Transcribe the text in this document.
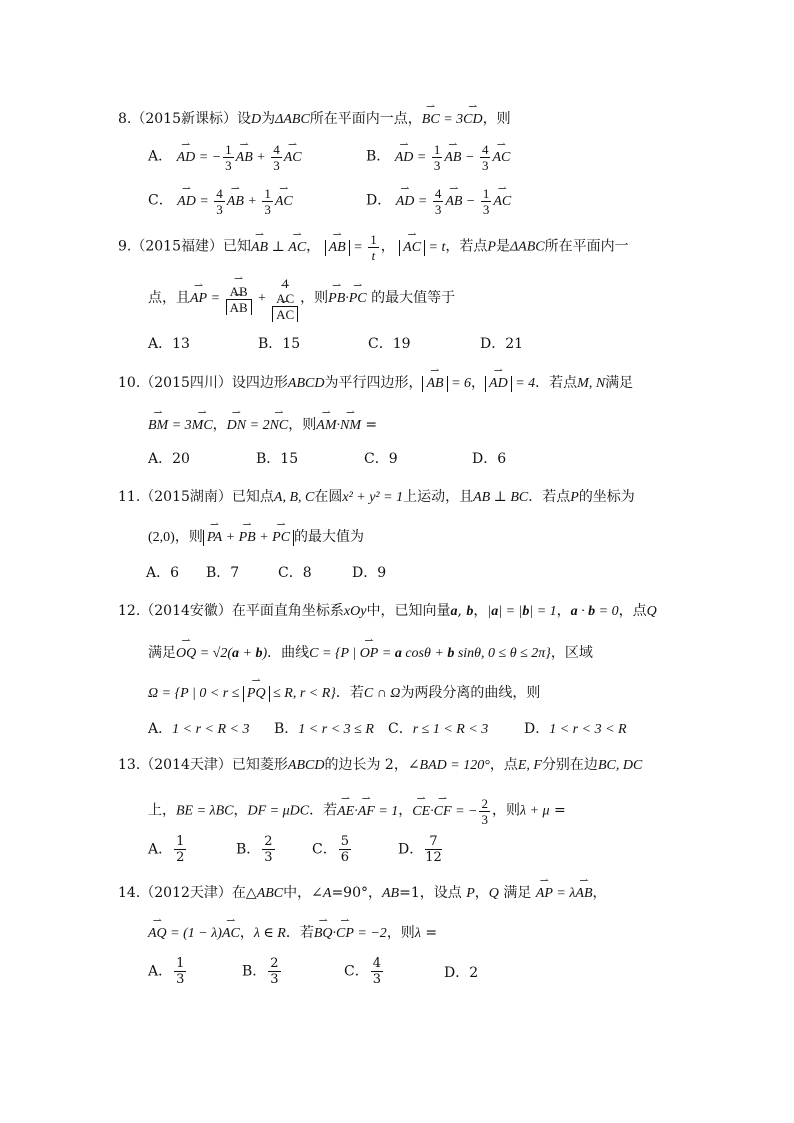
8.（2015新课标）设D为ΔABC所在平面内一点，⇀ BC = 3⇀ CD，则
A． ⇀ AD = − $\frac{1}{3}$ ⇀ AB + $\frac{4}{3}$ ⇀ AC	B． ⇀ AD = $\frac{1}{3}$ ⇀ AB − $\frac{4}{3}$ ⇀ AC
C． ⇀ AD = $\frac{4}{3}$ ⇀ AB + $\frac{1}{3}$ ⇀ AC	D． ⇀ AD = $\frac{4}{3}$ ⇀ AB − $\frac{1}{3}$ ⇀ AC
9.（2015福建）已知⇀ AB ⊥ ⇀ AC， ⇀ AB = $\frac{1}{t}$ ， ⇀ AC = t，若点P是ΔABC所在平面内一
点，且⇀ AP = ⇀ AB
⇀ AB + 4
⇀ AC
⇀ AC ，则⇀ PB·⇀ PC 的最大值等于
A．13	B．15	C．19	D．21
10.（2015四川）设四边形ABCD为平行四边形， ⇀ AB = 6， ⇀ AD = 4．若点M, N满足
⇀ BM = 3⇀ MC，⇀ DN = 2⇀ NC，则⇀ AM·⇀ NM =
A．20	B．15	C．9	D．6
11.（2015湖南）已知点A, B, C在圆x² + y² = 1上运动，且AB ⊥ BC．若点P的坐标为
(2,0)，则 ⇀ PA + ⇀ PB + ⇀ PC 的最大值为
A．6 B．7	C．8	D．9
12.（2014安徽）在平面直角坐标系xOy中，已知向量a, b，|a| = |b| = 1，a · b = 0，点Q
满足⇀ OQ = √2(a + b)．曲线C = {P | ⇀ OP = a cosθ + b sinθ, 0 ≤ θ ≤ 2π}，区域
Ω = {P | 0 < r ≤ ⇀ PQ ≤ R, r < R}．若C ∩ Ω为两段分离的曲线，则
A．1 < r < R < 3 B．1 < r < 3 ≤ R C．r ≤ 1 < R < 3	D．1 < r < 3 < R
13.（2014天津）已知菱形ABCD的边长为 2，∠BAD = 120°，点E, F分别在边BC, DC
上，BE = λBC，DF = μDC．若⇀ AE·⇀ AF = 1，⇀ CE·⇀ CF = − $\frac{2}{3}$ ，则λ + μ =
A． $\frac{1}{2}$	B． $\frac{2}{3}$	C． $\frac{5}{6}$	D． $\frac{7}{12}$
14.（2012天津）在△ABC中，∠A=90°，AB=1，设点 P，Q 满足 ⇀ AP = λ⇀ AB，
⇀ AQ = (1 − λ)⇀ AC，λ ∈ R．若⇀ BQ·⇀ CP = −2，则λ =
A． $\frac{1}{3}$	B． $\frac{2}{3}$	C． $\frac{4}{3}$	D．2
